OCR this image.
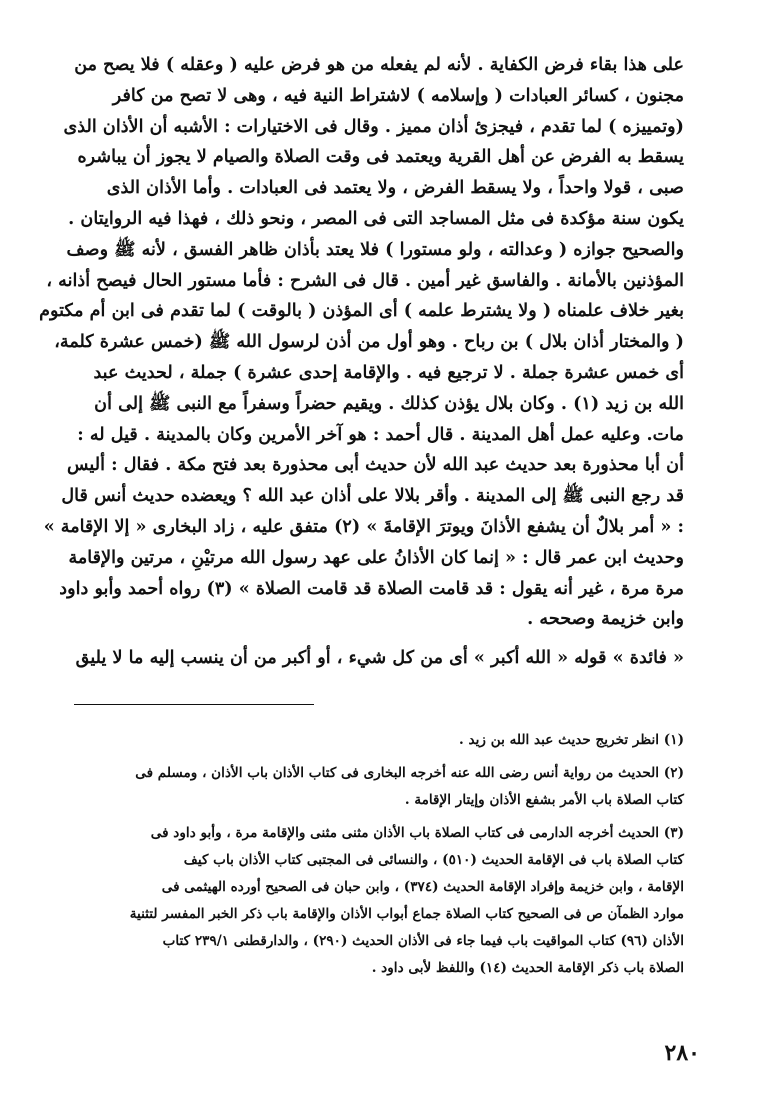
على هذا بقاء فرض الكفاية . لأنه لم يفعله من هو فرض عليه ( وعقله ) فلا يصح من
مجنون ، كسائر العبادات ( وإسلامه ) لاشتراط النية فيه ، وهى لا تصح من كافر
(وتمييزه ) لما تقدم ، فيجزئ أذان مميز . وقال فى الاختيارات : الأشبه أن الأذان الذى
يسقط به الفرض عن أهل القرية ويعتمد فى وقت الصلاة والصيام لا يجوز أن يباشره
صبى ، قولا واحداً ، ولا يسقط الفرض ، ولا يعتمد فى العبادات . وأما الأذان الذى
يكون سنة مؤكدة فى مثل المساجد التى فى المصر ، ونحو ذلك ، فهذا فيه الروايتان .
والصحيح جوازه ( وعدالته ، ولو مستورا ) فلا يعتد بأذان ظاهر الفسق ، لأنه ﷺ وصف
المؤذنين بالأمانة . والفاسق غير أمين . قال فى الشرح : فأما مستور الحال فيصح أذانه ،
بغير خلاف علمناه ( ولا يشترط علمه ) أى المؤذن ( بالوقت ) لما تقدم فى ابن أم مكتوم
( والمختار أذان بلال ) بن رباح . وهو أول من أذن لرسول الله ﷺ (خمس عشرة كلمة،
أى خمس عشرة جملة . لا ترجيع فيه . والإقامة إحدى عشرة ) جملة ، لحديث عبد
الله بن زيد (١) . وكان بلال يؤذن كذلك . ويقيم حضراً وسفراً مع النبى ﷺ إلى أن
مات. وعليه عمل أهل المدينة . قال أحمد : هو آخر الأمرين وكان بالمدينة . قيل له :
أن أبا محذورة بعد حديث عبد الله لأن حديث أبى محذورة بعد فتح مكة . فقال : أليس
قد رجع النبى ﷺ إلى المدينة . وأقر بلالا على أذان عبد الله ؟ ويعضده حديث أنس قال
: « أمر بلالٌ أن يشفع الأذانَ ويوترَ الإقامةَ » (٢) متفق عليه ، زاد البخارى « إلا الإقامة »
وحديث ابن عمر قال : « إنما كان الأذانُ على عهد رسول الله مرتيْنِ ، مرتين والإقامة
مرة مرة ، غير أنه يقول : قد قامت الصلاة قد قامت الصلاة » (٣) رواه أحمد وأبو داود
وابن خزيمة وصححه .
« فائدة » قوله « الله أكبر » أى من كل شيء ، أو أكبر من أن ينسب إليه ما لا يليق
(١) انظر تخريج حديث عبد الله بن زيد .
(٢) الحديث من رواية أنس رضى الله عنه أخرجه البخارى فى كتاب الأذان باب الأذان ، ومسلم فى
كتاب الصلاة باب الأمر بشفع الأذان وإيتار الإقامة .
(٣) الحديث أخرجه الدارمى فى كتاب الصلاة باب الأذان مثنى مثنى والإقامة مرة ، وأبو داود فى
كتاب الصلاة باب فى الإقامة الحديث (٥١٠) ، والنسائى فى المجتبى كتاب الأذان باب كيف
الإقامة ، وابن خزيمة وإفراد الإقامة الحديث (٣٧٤) ، وابن حبان فى الصحيح أورده الهيثمى فى
موارد الظمآن ص فى الصحيح كتاب الصلاة جماع أبواب الأذان والإقامة باب ذكر الخبر المفسر لتثنية
الأذان (٩٦) كتاب المواقيت باب فيما جاء فى الأذان الحديث (٢٩٠) ، والدارقطنى ٢٣٩/١ كتاب
الصلاة باب ذكر الإقامة الحديث (١٤) واللفظ لأبى داود .
٢٨٠
